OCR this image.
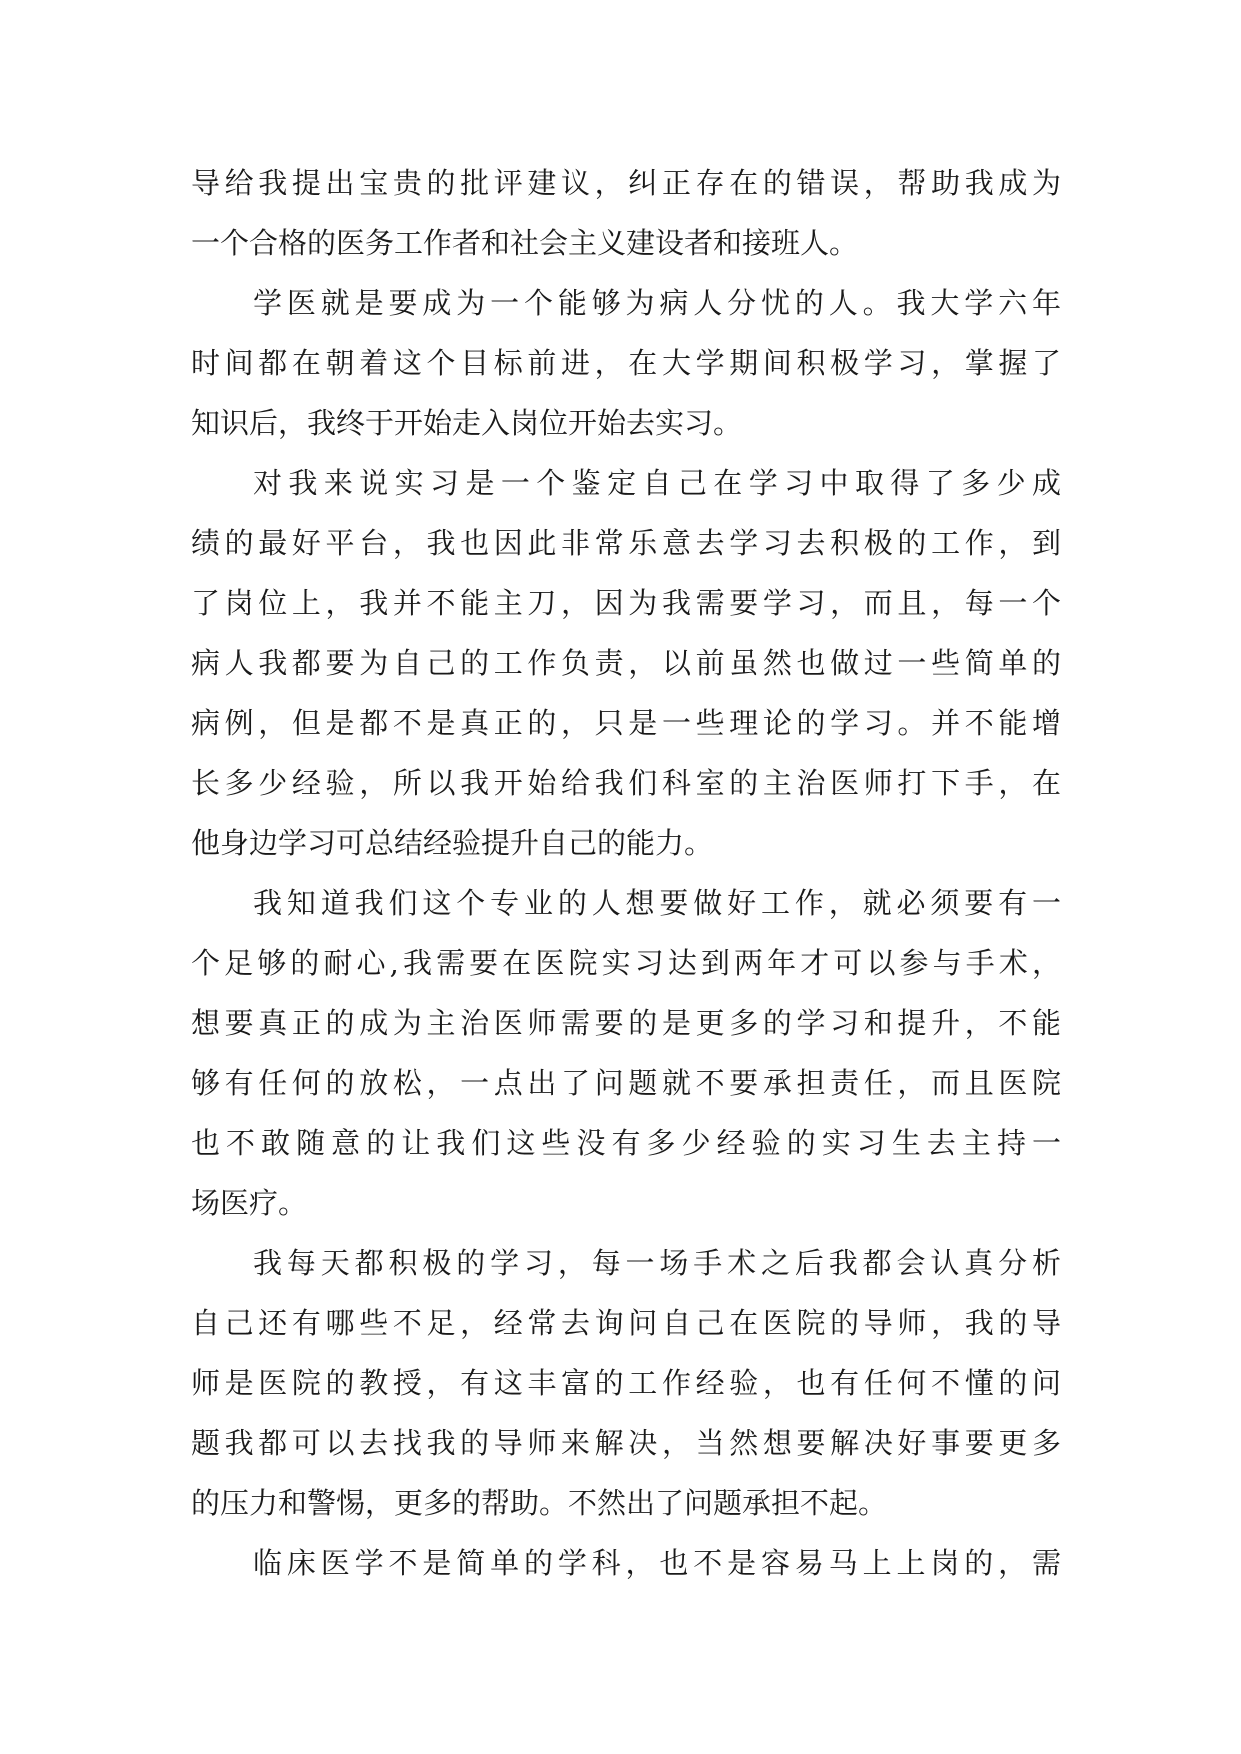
导给我提出宝贵的批评建议，纠正存在的错误，帮助我成为
一个合格的医务工作者和社会主义建设者和接班人。
学医就是要成为一个能够为病人分忧的人。我大学六年
时间都在朝着这个目标前进，在大学期间积极学习，掌握了
知识后，我终于开始走入岗位开始去实习。
对我来说实习是一个鉴定自己在学习中取得了多少成
绩的最好平台，我也因此非常乐意去学习去积极的工作，到
了岗位上，我并不能主刀，因为我需要学习，而且，每一个
病人我都要为自己的工作负责，以前虽然也做过一些简单的
病例，但是都不是真正的，只是一些理论的学习。并不能增
长多少经验，所以我开始给我们科室的主治医师打下手，在
他身边学习可总结经验提升自己的能力。
我知道我们这个专业的人想要做好工作，就必须要有一
个足够的耐心,我需要在医院实习达到两年才可以参与手术，
想要真正的成为主治医师需要的是更多的学习和提升，不能
够有任何的放松，一点出了问题就不要承担责任，而且医院
也不敢随意的让我们这些没有多少经验的实习生去主持一
场医疗。
我每天都积极的学习，每一场手术之后我都会认真分析
自己还有哪些不足，经常去询问自己在医院的导师，我的导
师是医院的教授，有这丰富的工作经验，也有任何不懂的问
题我都可以去找我的导师来解决，当然想要解决好事要更多
的压力和警惕，更多的帮助。不然出了问题承担不起。
临床医学不是简单的学科，也不是容易马上上岗的，需
